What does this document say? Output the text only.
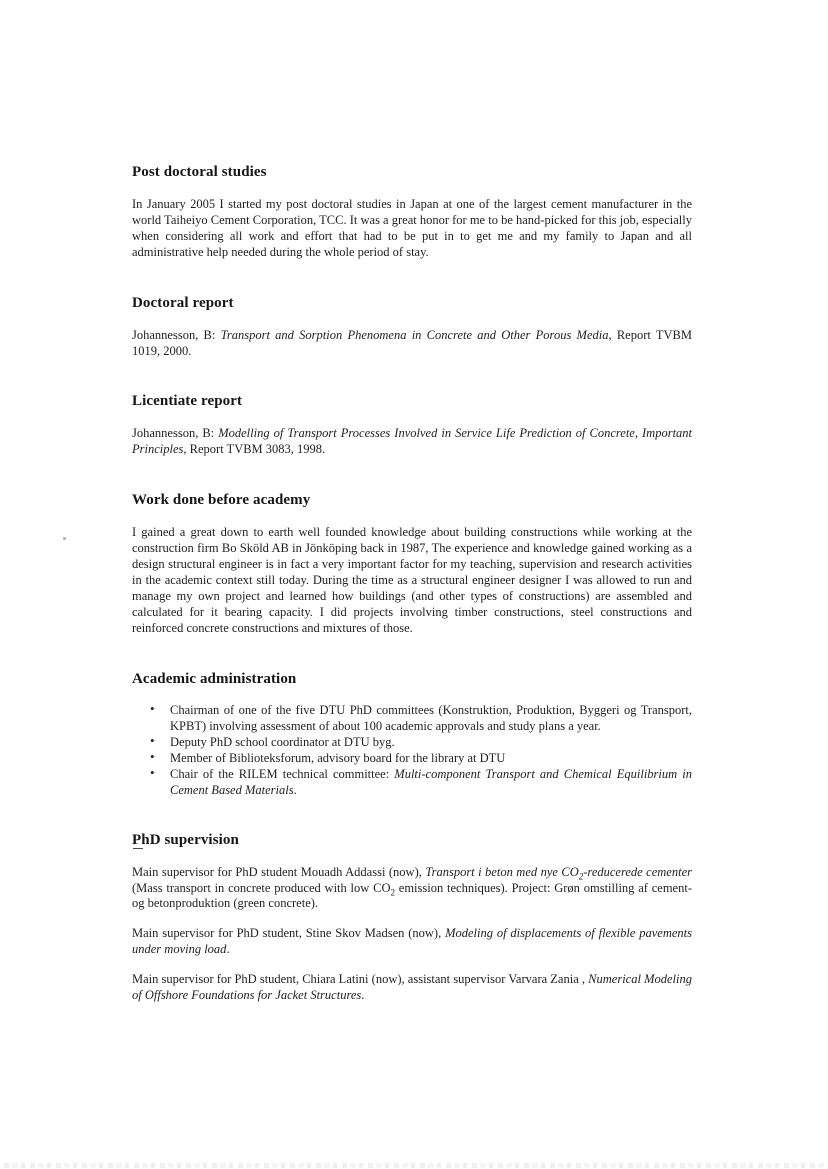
Post doctoral studies

In January 2005 I started my post doctoral studies in Japan at one of the largest cement manufacturer in the world Taiheiyo Cement Corporation, TCC. It was a great honor for me to be hand-picked for this job, especially when considering all work and effort that had to be put in to get me and my family to Japan and all administrative help needed during the whole period of stay.

Doctoral report

Johannesson, B: Transport and Sorption Phenomena in Concrete and Other Porous Media, Report TVBM 1019, 2000.

Licentiate report

Johannesson, B: Modelling of Transport Processes Involved in Service Life Prediction of Concrete, Important Principles, Report TVBM 3083, 1998.

Work done before academy

I gained a great down to earth well founded knowledge about building constructions while working at the construction firm Bo Sköld AB in Jönköping back in 1987, The experience and knowledge gained working as a design structural engineer is in fact a very important factor for my teaching, supervision and research activities in the academic context still today. During the time as a structural engineer designer I was allowed to run and manage my own project and learned how buildings (and other types of constructions) are assembled and calculated for it bearing capacity. I did projects involving timber constructions, steel constructions and reinforced concrete constructions and mixtures of those.

Academic administration
• Chairman of one of the five DTU PhD committees (Konstruktion, Produktion, Byggeri og Transport, KPBT) involving assessment of about 100 academic approvals and study plans a year.
• Deputy PhD school coordinator at DTU byg.
• Member of Biblioteksforum, advisory board for the library at DTU
• Chair of the RILEM technical committee: Multi-component Transport and Chemical Equilibrium in Cement Based Materials.
PhD supervision

Main supervisor for PhD student Mouadh Addassi (now), Transport i beton med nye $CO_2$-reducerede cementer (Mass transport in concrete produced with low $CO_2$ emission techniques). Project: Grøn omstilling af cement- og betonproduktion (green concrete).

Main supervisor for PhD student, Stine Skov Madsen (now), Modeling of displacements of flexible pavements under moving load.

Main supervisor for PhD student, Chiara Latini (now), assistant supervisor Varvara Zania , Numerical Modeling of Offshore Foundations for Jacket Structures.
